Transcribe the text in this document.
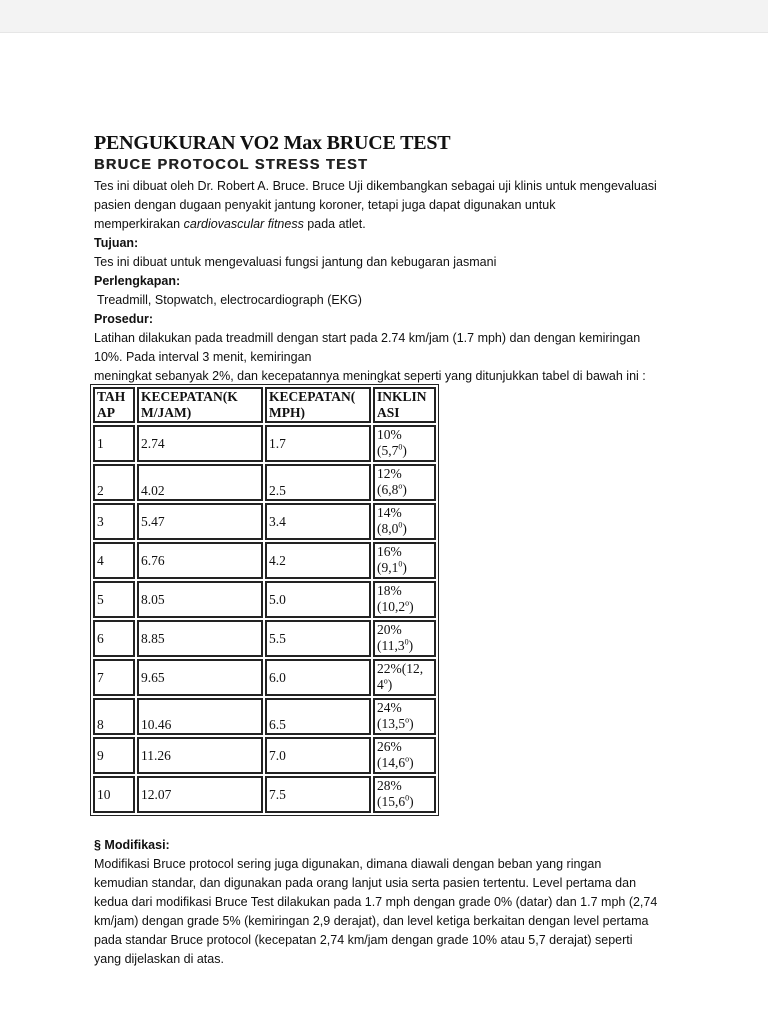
PENGUKURAN VO2 Max BRUCE TEST
BRUCE PROTOCOL STRESS TEST

Tes ini dibuat oleh Dr. Robert A. Bruce. Bruce Uji dikembangkan sebagai uji klinis untuk mengevaluasi

pasien dengan dugaan penyakit jantung koroner, tetapi juga dapat digunakan untuk

memperkirakan cardiovascular fitness pada atlet.

Tujuan:

Tes ini dibuat untuk mengevaluasi fungsi jantung dan kebugaran jasmani

Perlengkapan:

Treadmill, Stopwatch, electrocardiograph (EKG)

Prosedur:

Latihan dilakukan pada treadmill dengan start pada 2.74 km/jam (1.7 mph) dan dengan kemiringan

10%. Pada interval 3 menit, kemiringan

meningkat sebanyak 2%, dan kecepatannya meningkat seperti yang ditunjukkan tabel di bawah ini :

TAH
AP	KECEPATAN(K
M/JAM)	KECEPATAN(
MPH)	INKLIN
ASI
1	2.74	1.7	10%
$(5,7^0)$
2	4.02	2.5	12%
(6,8$^o$)
3	5.47	3.4	14%
$(8,0^0)$
4	6.76	4.2	16%
$(9,1^0)$
5	8.05	5.0	18%
(10,2$^o$)
6	8.85	5.5	20%
(11,3$^0$)
7	9.65	6.0	22%(12,
4$^o$)
8	10.46	6.5	24%
(13,5$^o$)
9	11.26	7.0	26%
(14,6$^o$)
10	12.07	7.5	28%
(15,6$^0$)

§ Modifikasi:

Modifikasi Bruce protocol sering juga digunakan, dimana diawali dengan beban yang ringan

kemudian standar, dan digunakan pada orang lanjut usia serta pasien tertentu. Level pertama dan

kedua dari modifikasi Bruce Test dilakukan pada 1.7 mph dengan grade 0% (datar) dan 1.7 mph (2,74

km/jam) dengan grade 5% (kemiringan 2,9 derajat), dan level ketiga berkaitan dengan level pertama

pada standar Bruce protocol (kecepatan 2,74 km/jam dengan grade 10% atau 5,7 derajat) seperti

yang dijelaskan di atas.
